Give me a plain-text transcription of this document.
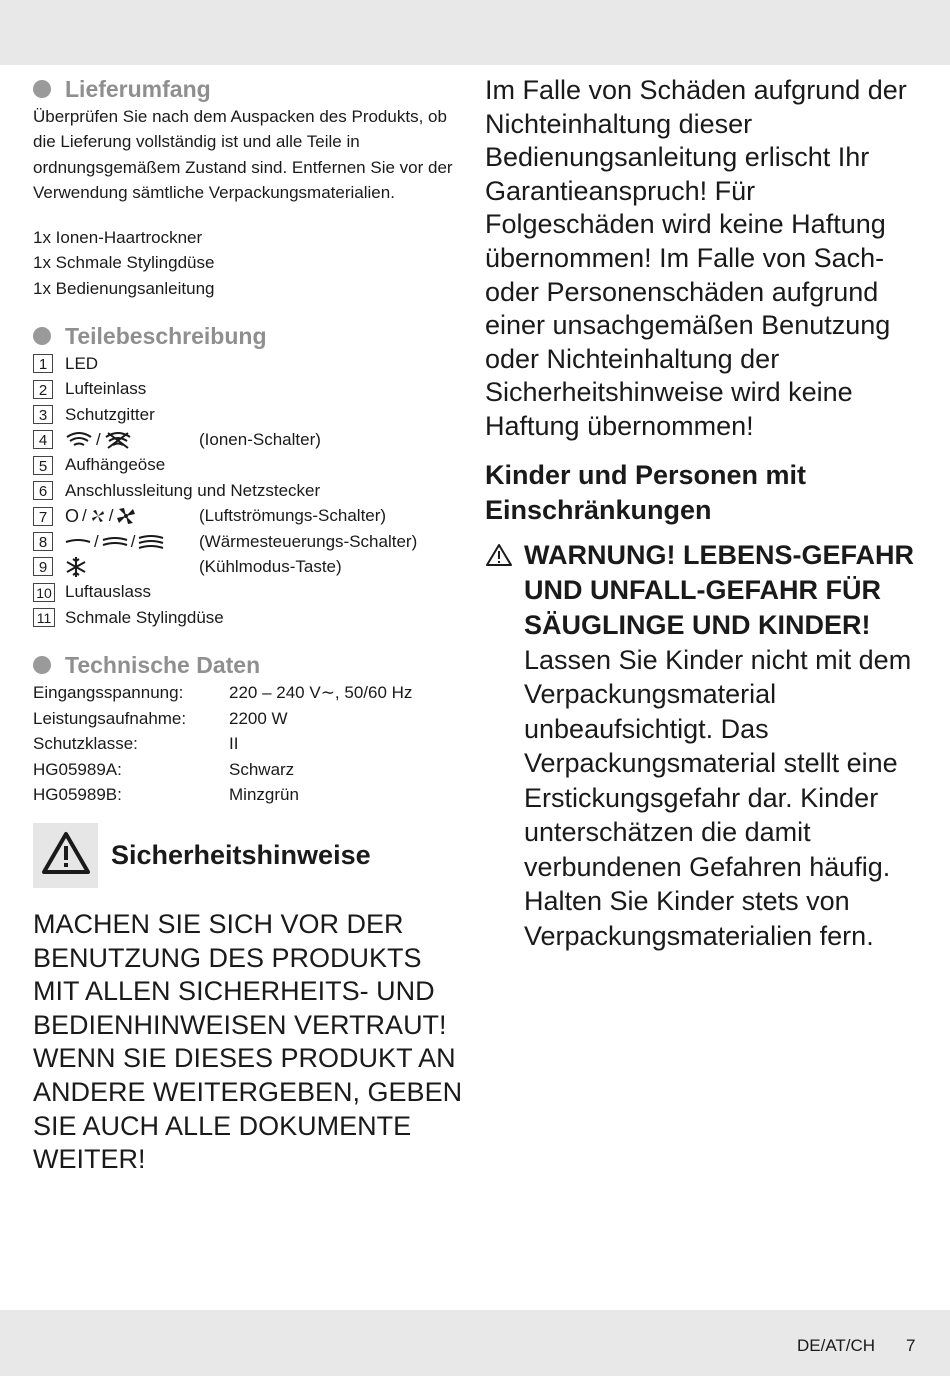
Lieferumfang
Überprüfen Sie nach dem Auspacken des Produkts, ob die Lieferung vollständig ist und alle Teile in ordnungsgemäßem Zustand sind. Entfernen Sie vor der Verwendung sämtliche Verpackungsmaterialien.
1x Ionen-Haartrockner
1x Schmale Stylingdüse
1x Bedienungsanleitung
Teilebeschreibung
1	LED
2	Lufteinlass
3	Schutzgitter
4	/	(Ionen-Schalter)
5	Aufhängeöse
6	Anschlussleitung und Netzstecker
7 O / /	(Luftströmungs-Schalter)
8	/ /	(Wärmesteuerungs-Schalter)
9	(Kühlmodus-Taste)
10 Luftauslass
11 Schmale Stylingdüse
Technische Daten
Eingangsspannung:	220 – 240 V∼, 50/60 Hz
Leistungsaufnahme:	2200 W
Schutzklasse:	II
HG05989A:	Schwarz
HG05989B:	Minzgrün
Sicherheitshinweise
MACHEN SIE SICH VOR DER BENUTZUNG DES PRODUKTS MIT ALLEN SICHERHEITS- UND BEDIENHINWEISEN VERTRAUT! WENN SIE DIESES PRODUKT AN ANDERE WEITERGEBEN, GEBEN SIE AUCH ALLE DOKUMENTE WEITER!
Im Falle von Schäden aufgrund der Nichteinhaltung dieser Bedienungsanleitung erlischt Ihr Garantieanspruch! Für Folgeschäden wird keine Haftung übernommen! Im Falle von Sach- oder Personenschäden aufgrund einer unsachgemäßen Benutzung oder Nichteinhaltung der Sicherheitshinweise wird keine Haftung übernommen!
Kinder und Personen mit Einschränkungen
WARNUNG! LEBENS-GEFAHR UND UNFALL-GEFAHR FÜR SÄUGLINGE UND KINDER!
Lassen Sie Kinder nicht mit dem Verpackungsmaterial unbeaufsichtigt. Das Verpackungsmaterial stellt eine Erstickungsgefahr dar. Kinder unterschätzen die damit verbundenen Gefahren häufig. Halten Sie Kinder stets von Verpackungsmaterialien fern.
DE/AT/CH 7
